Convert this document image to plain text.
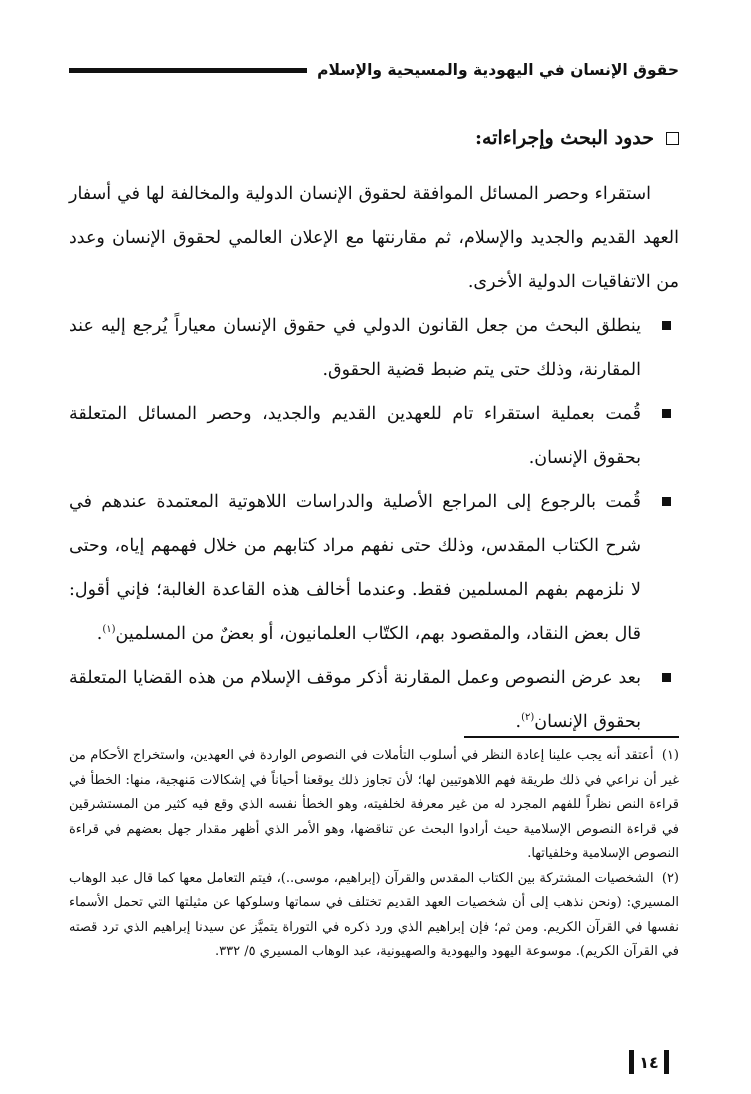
حقوق الإنسان في اليهودية والمسيحية والإسلام
حدود البحث وإجراءاته:
استقراء وحصر المسائل الموافقة لحقوق الإنسان الدولية والمخالفة لها في أسفار العهد القديم والجديد والإسلام، ثم مقارنتها مع الإعلان العالمي لحقوق الإنسان وعدد من الاتفاقيات الدولية الأخرى.
ينطلق البحث من جعل القانون الدولي في حقوق الإنسان معياراً يُرجع إليه عند المقارنة، وذلك حتى يتم ضبط قضية الحقوق.
قُمت بعملية استقراء تام للعهدين القديم والجديد، وحصر المسائل المتعلقة بحقوق الإنسان.
قُمت بالرجوع إلى المراجع الأصلية والدراسات اللاهوتية المعتمدة عندهم في شرح الكتاب المقدس، وذلك حتى نفهم مراد كتابهم من خلال فهمهم إياه، وحتى لا نلزمهم بفهم المسلمين فقط. وعندما أخالف هذه القاعدة الغالبة؛ فإني أقول: قال بعض النقاد، والمقصود بهم، الكتّاب العلمانيون، أو بعضٌ من المسلمين$^{(١)}$.
بعد عرض النصوص وعمل المقارنة أذكر موقف الإسلام من هذه القضايا المتعلقة بحقوق الإنسان$^{(٢)}$.
(١) أعتقد أنه يجب علينا إعادة النظر في أسلوب التأملات في النصوص الواردة في العهدين، واستخراج الأحكام من غير أن نراعي في ذلك طريقة فهم اللاهوتيين لها؛ لأن تجاوز ذلك يوقعنا أحياناً في إشكالات مَنهجية، منها: الخطأ في قراءة النص نظراً للفهم المجرد له من غير معرفة لخلفيته، وهو الخطأ نفسه الذي وقع فيه كثير من المستشرقين في قراءة النصوص الإسلامية حيث أرادوا البحث عن تناقضها، وهو الأمر الذي أظهر مقدار جهل بعضهم في قراءة النصوص الإسلامية وخلفياتها.
(٢) الشخصيات المشتركة بين الكتاب المقدس والقرآن (إبراهيم، موسى..)، فيتم التعامل معها كما قال عبد الوهاب المسيري: (ونحن نذهب إلى أن شخصيات العهد القديم تختلف في سماتها وسلوكها عن مثيلتها التي تحمل الأسماء نفسها في القرآن الكريم. ومن ثم؛ فإن إبراهيم الذي ورد ذكره في التوراة يتميَّز عن سيدنا إبراهيم الذي ترد قصته في القرآن الكريم). موسوعة اليهود واليهودية والصهيونية، عبد الوهاب المسيري ٥/ ٣٣٢.
١٤
